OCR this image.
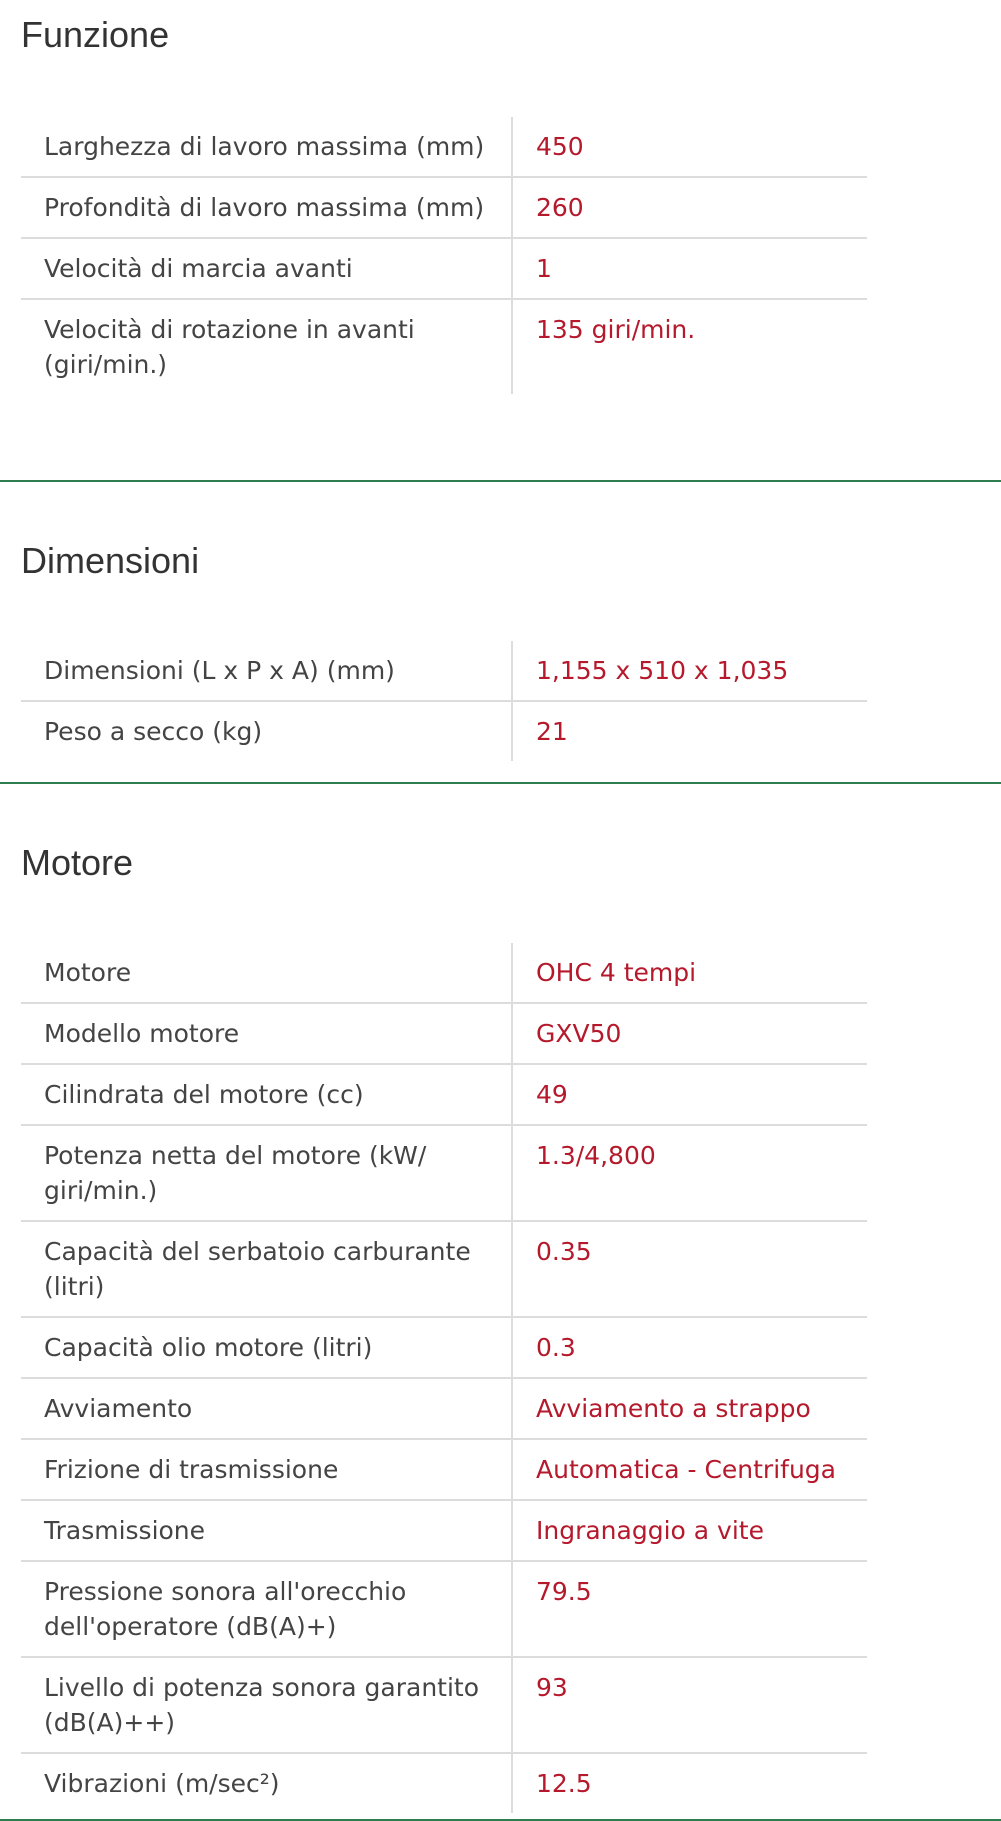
Funzione
Larghezza di lavoro massima (mm)	450
Profondità di lavoro massima (mm)	260
Velocità di marcia avanti	1
Velocità di rotazione in avanti (giri/min.)	135 giri/min.
Dimensioni
Dimensioni (L x P x A) (mm)	1,155 x 510 x 1,035
Peso a secco (kg)	21
Motore
Motore	OHC 4 tempi
Modello motore	GXV50
Cilindrata del motore (cc)	49
Potenza netta del motore (kW/ giri/min.)	1.3/4,800
Capacità del serbatoio carburante (litri)	0.35
Capacità olio motore (litri)	0.3
Avviamento	Avviamento a strappo
Frizione di trasmissione	Automatica - Centrifuga
Trasmissione	Ingranaggio a vite
Pressione sonora all'orecchio dell'operatore (dB(A)+)	79.5
Livello di potenza sonora garantito (dB(A)++)	93
Vibrazioni (m/sec²)	12.5
